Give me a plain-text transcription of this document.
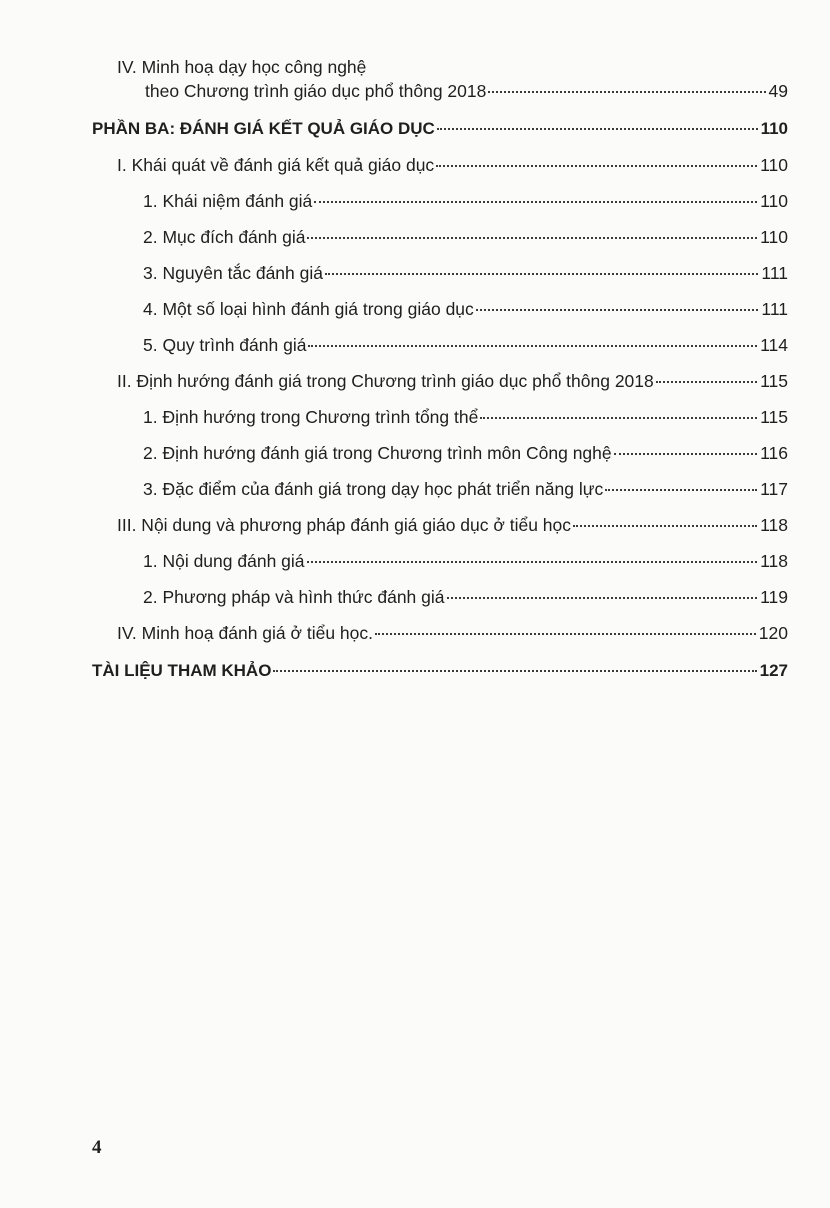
IV. Minh hoạ dạy học công nghệ
theo Chương trình giáo dục phổ thông 2018	49
PHẦN BA: ĐÁNH GIÁ KẾT QUẢ GIÁO DỤC	110
I. Khái quát về đánh giá kết quả giáo dục	110
1. Khái niệm đánh giá	110
2. Mục đích đánh giá	110
3. Nguyên tắc đánh giá	111
4. Một số loại hình đánh giá trong giáo dục	111
5. Quy trình đánh giá	114
II. Định hướng đánh giá trong Chương trình giáo dục phổ thông 2018	115
1. Định hướng trong Chương trình tổng thể	115
2. Định hướng đánh giá trong Chương trình môn Công nghệ	116
3. Đặc điểm của đánh giá trong dạy học phát triển năng lực	117
III. Nội dung và phương pháp đánh giá giáo dục ở tiểu học	118
1. Nội dung đánh giá	118
2. Phương pháp và hình thức đánh giá	119
IV. Minh hoạ đánh giá ở tiểu học.	120
TÀI LIỆU THAM KHẢO	127
4
